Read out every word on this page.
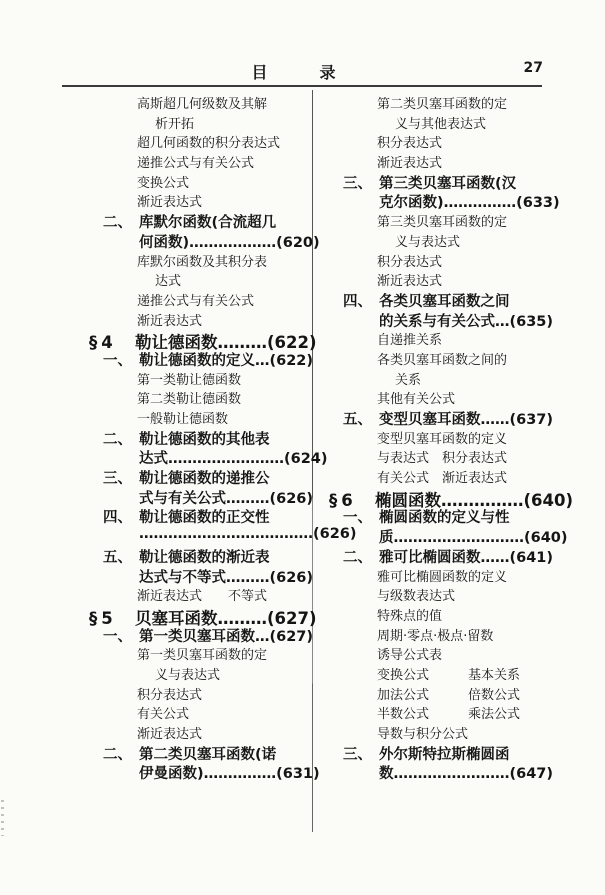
目　录	27
高斯超几何级数及其解
析开拓
超几何函数的积分表达式
递推公式与有关公式
变换公式
渐近表达式
二、 库默尔函数(合流超几
何函数)………………(620)
库默尔函数及其积分表
达式
递推公式与有关公式
渐近表达式
§4	勒让德函数………(622)
一、 勒让德函数的定义…(622)
第一类勒让德函数
第二类勒让德函数
一般勒让德函数
二、 勒让德函数的其他表
达式……………………(624)
三、 勒让德函数的递推公
式与有关公式………(626)
四、 勒让德函数的正交性
………………………………(626)
五、 勒让德函数的渐近表
达式与不等式………(626)
渐近表达式　　不等式
§5	贝塞耳函数………(627)
一、 第一类贝塞耳函数…(627)
第一类贝塞耳函数的定
义与表达式
积分表达式
有关公式
渐近表达式
二、 第二类贝塞耳函数(诺
伊曼函数)……………(631)
第二类贝塞耳函数的定
义与其他表达式
积分表达式
渐近表达式
三、 第三类贝塞耳函数(汉
克尔函数)……………(633)
第三类贝塞耳函数的定
义与表达式
积分表达式
渐近表达式
四、 各类贝塞耳函数之间
的关系与有关公式…(635)
自递推关系
各类贝塞耳函数之间的
关系
其他有关公式
五、 变型贝塞耳函数……(637)
变型贝塞耳函数的定义
与表达式　积分表达式
有关公式　渐近表达式
§6	椭圆函数……………(640)
一、 椭圆函数的定义与性
质………………………(640)
二、 雅可比椭圆函数……(641)
雅可比椭圆函数的定义
与级数表达式
特殊点的值
周期·零点·极点·留数
诱导公式表
变换公式　　　基本关系
加法公式　　　倍数公式
半数公式　　　乘法公式
导数与积分公式
三、 外尔斯特拉斯椭圆函
数……………………(647)
